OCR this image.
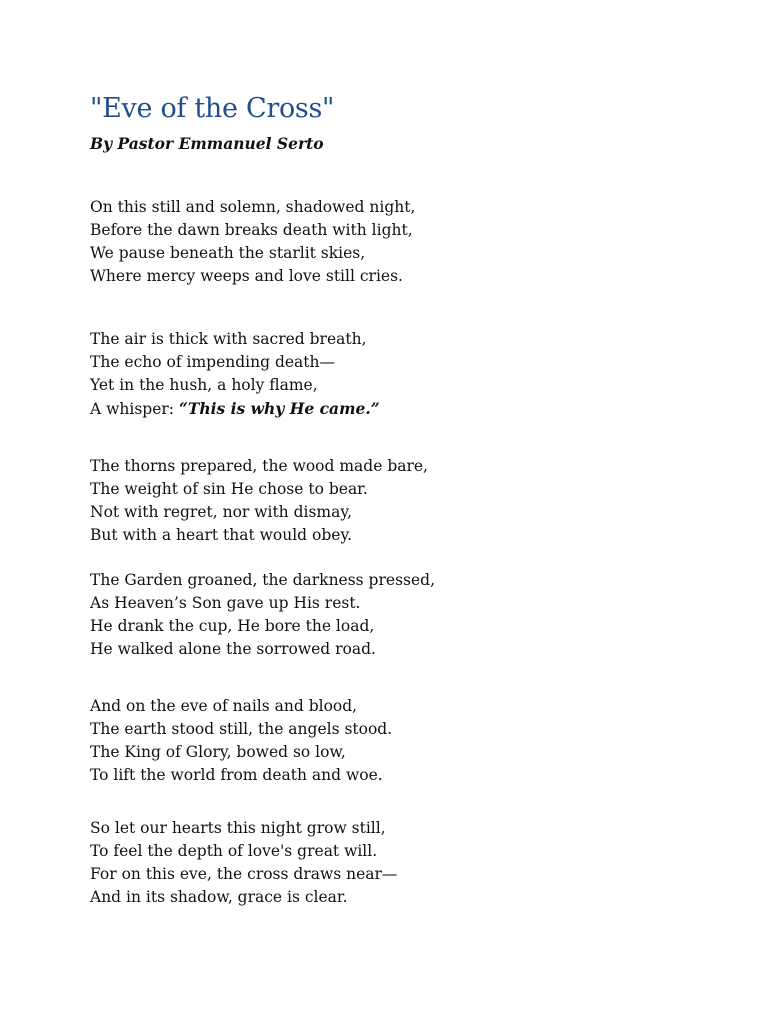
"Eve of the Cross"

By Pastor Emmanuel Serto

On this still and solemn, shadowed night,
Before the dawn breaks death with light,
We pause beneath the starlit skies,
Where mercy weeps and love still cries.
The air is thick with sacred breath,
The echo of impending death—
Yet in the hush, a holy flame,
A whisper: “This is why He came.”
The thorns prepared, the wood made bare,
The weight of sin He chose to bear.
Not with regret, nor with dismay,
But with a heart that would obey.
The Garden groaned, the darkness pressed,
As Heaven’s Son gave up His rest.
He drank the cup, He bore the load,
He walked alone the sorrowed road.
And on the eve of nails and blood,
The earth stood still, the angels stood.
The King of Glory, bowed so low,
To lift the world from death and woe.
So let our hearts this night grow still,
To feel the depth of love's great will.
For on this eve, the cross draws near—
And in its shadow, grace is clear.
